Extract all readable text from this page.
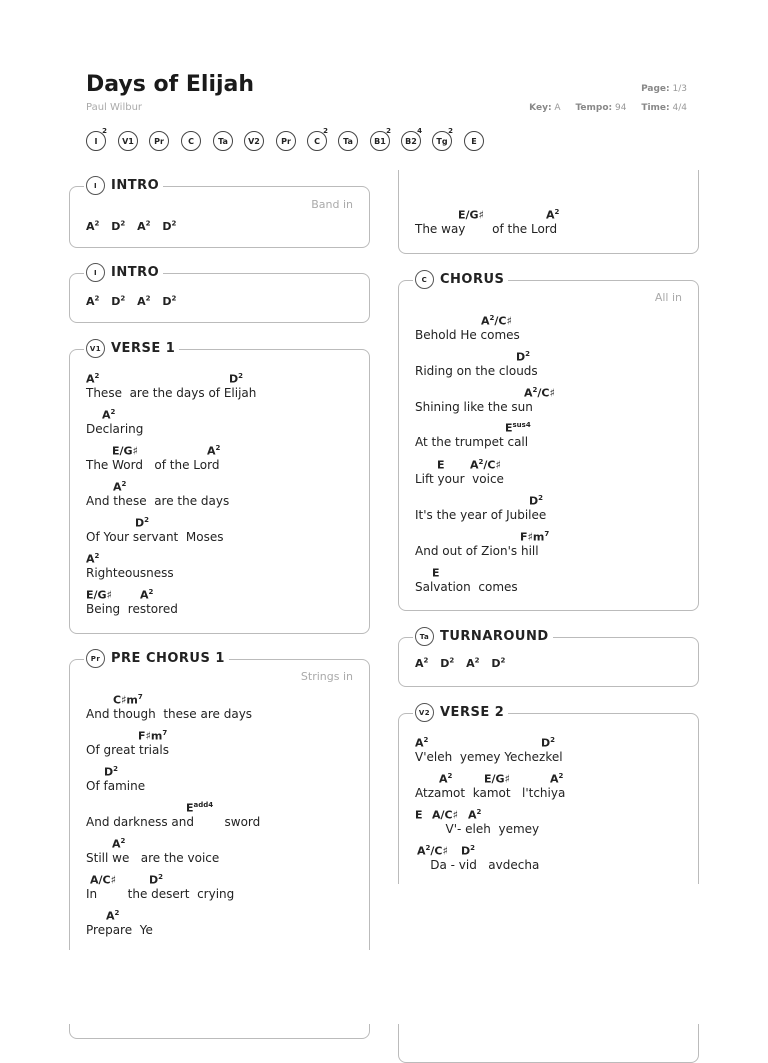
Days of Elijah
Paul Wilbur
Page: 1/3
Key: A Tempo: 94 Time: 4/4
I
2
V1	Pr	C	Ta	V2	Pr	C
2
Ta	B1
2
B2
4
Tg
2
E
I	INTRO
Band in
$A^2$ $D^2$ $A^2$ $D^2$
I	INTRO
$A^2$ $D^2$ $A^2$ $D^2$
V1 VERSE 1
$A^2$	$D^2$
These  are the days of Elijah
$A^2$
Declaring
E/G♯	$A^2$
The Word   of the Lord
$A^2$
And these  are the days
$D^2$
Of Your servant  Moses
$A^2$
Righteousness
E/G♯	$A^2$
Being  restored
Pr PRE CHORUS 1
Strings in
$C♯m^7$
And though  these are days
$F♯m^7$
Of great trials
$D^2$
Of famine
$E^{add4}$
And darkness and        sword
$A^2$
Still we   are the voice
A/C♯	$D^2$
In        the desert  crying
$A^2$
Prepare  Ye
E/G♯	$A^2$
The way       of the Lord
C CHORUS
All in
$A^2/C♯$
Behold He comes
$D^2$
Riding on the clouds
$A^2/C♯$
Shining like the sun
$E^{sus4}$
At the trumpet call
E $A^2/C♯$
Lift your  voice
$D^2$
It's the year of Jubilee
$F♯m^7$
And out of Zion's hill
E
Salvation  comes
Ta TURNAROUND
$A^2$ $D^2$ $A^2$ $D^2$
V2 VERSE 2
$A^2$	$D^2$
V'eleh  yemey Yechezkel
$A^2$	E/G♯	$A^2$
Atzamot  kamot   l'tchiya
E A/C♯ $A^2$
V'- eleh  yemey
$A^2/C♯$ $D^2$
Da - vid   avdecha
